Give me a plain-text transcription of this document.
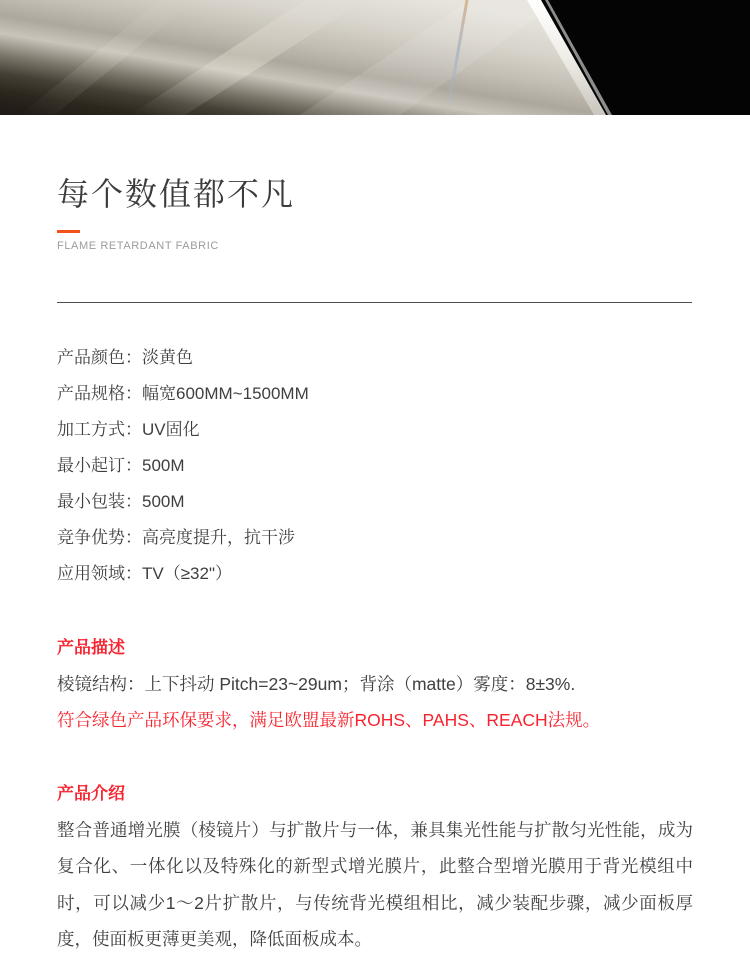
每个数值都不凡
FLAME RETARDANT FABRIC
产品颜色：淡黄色
产品规格：幅宽600MM~1500MM
加工方式：UV固化
最小起订：500M
最小包装：500M
竞争优势：高亮度提升，抗干涉
应用领域：TV（≥32"）
产品描述
棱镜结构：上下抖动 Pitch=23~29um；背涂（matte）雾度：8±3%.
符合绿色产品环保要求，满足欧盟最新ROHS、PAHS、REACH法规。
产品介绍
整合普通增光膜（棱镜片）与扩散片与一体，兼具集光性能与扩散匀光性能，成为复合化、一体化以及特殊化的新型式增光膜片，此整合型增光膜用于背光模组中时，可以减少1～2片扩散片，与传统背光模组相比，减少装配步骤，减少面板厚度，使面板更薄更美观，降低面板成本。
